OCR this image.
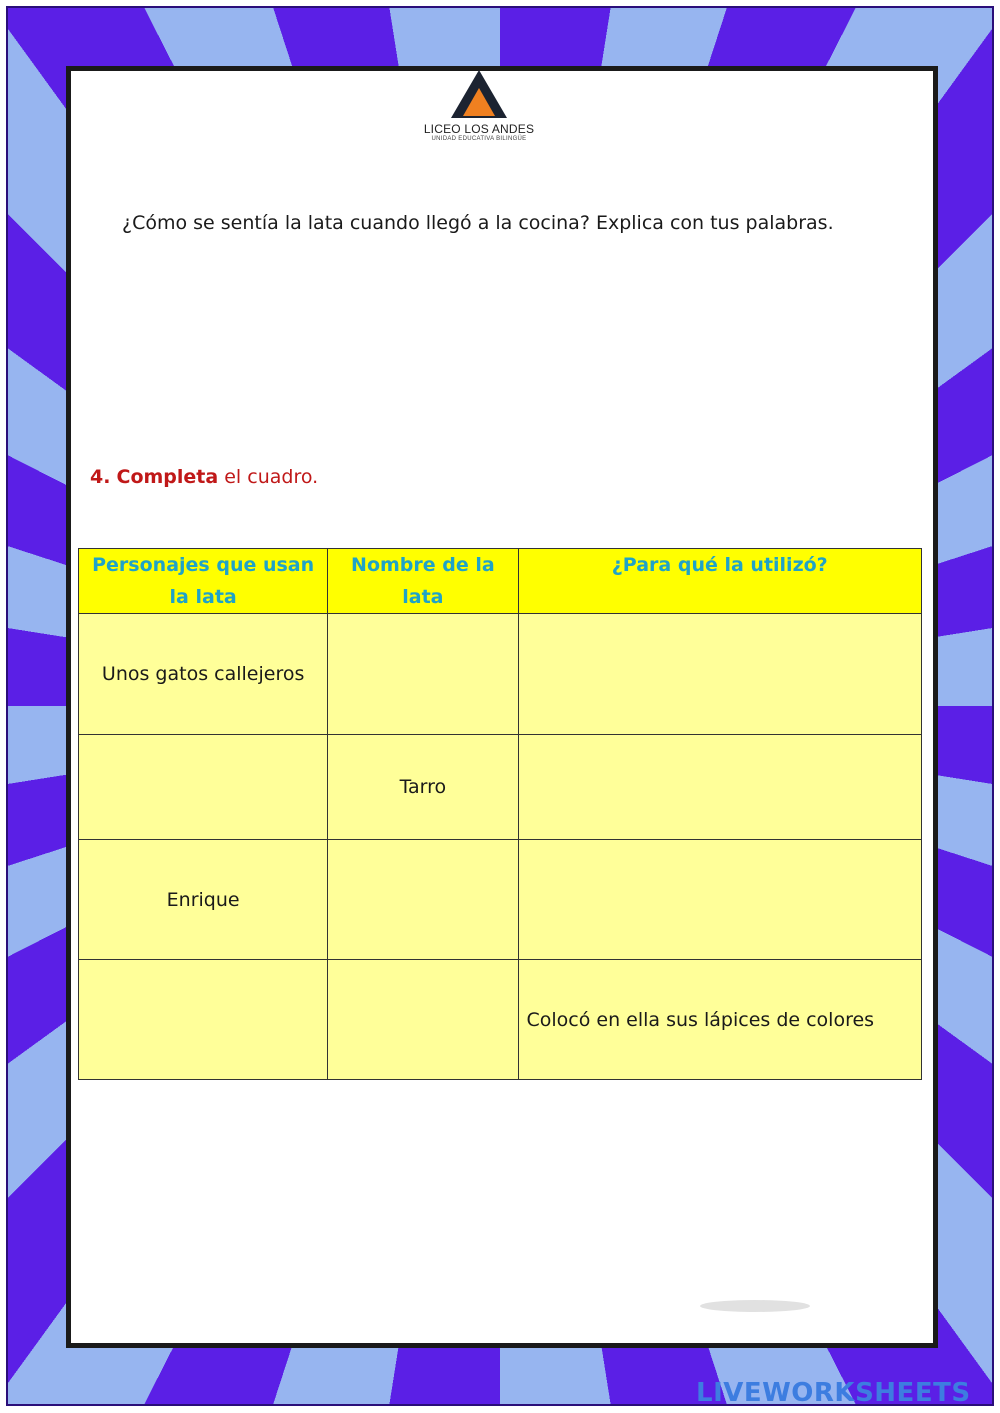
LICEO LOS ANDES
UNIDAD EDUCATIVA BILINGÜE
¿Cómo se sentía la lata cuando llegó a la cocina? Explica con tus palabras.
4. Completa el cuadro.
Personajes que usan la lata	Nombre de la lata	¿Para qué la utilizó?
Unos gatos callejeros		
	Tarro	
Enrique		
		Colocó en ella sus lápices de colores
LIVEWORKSHEETS
